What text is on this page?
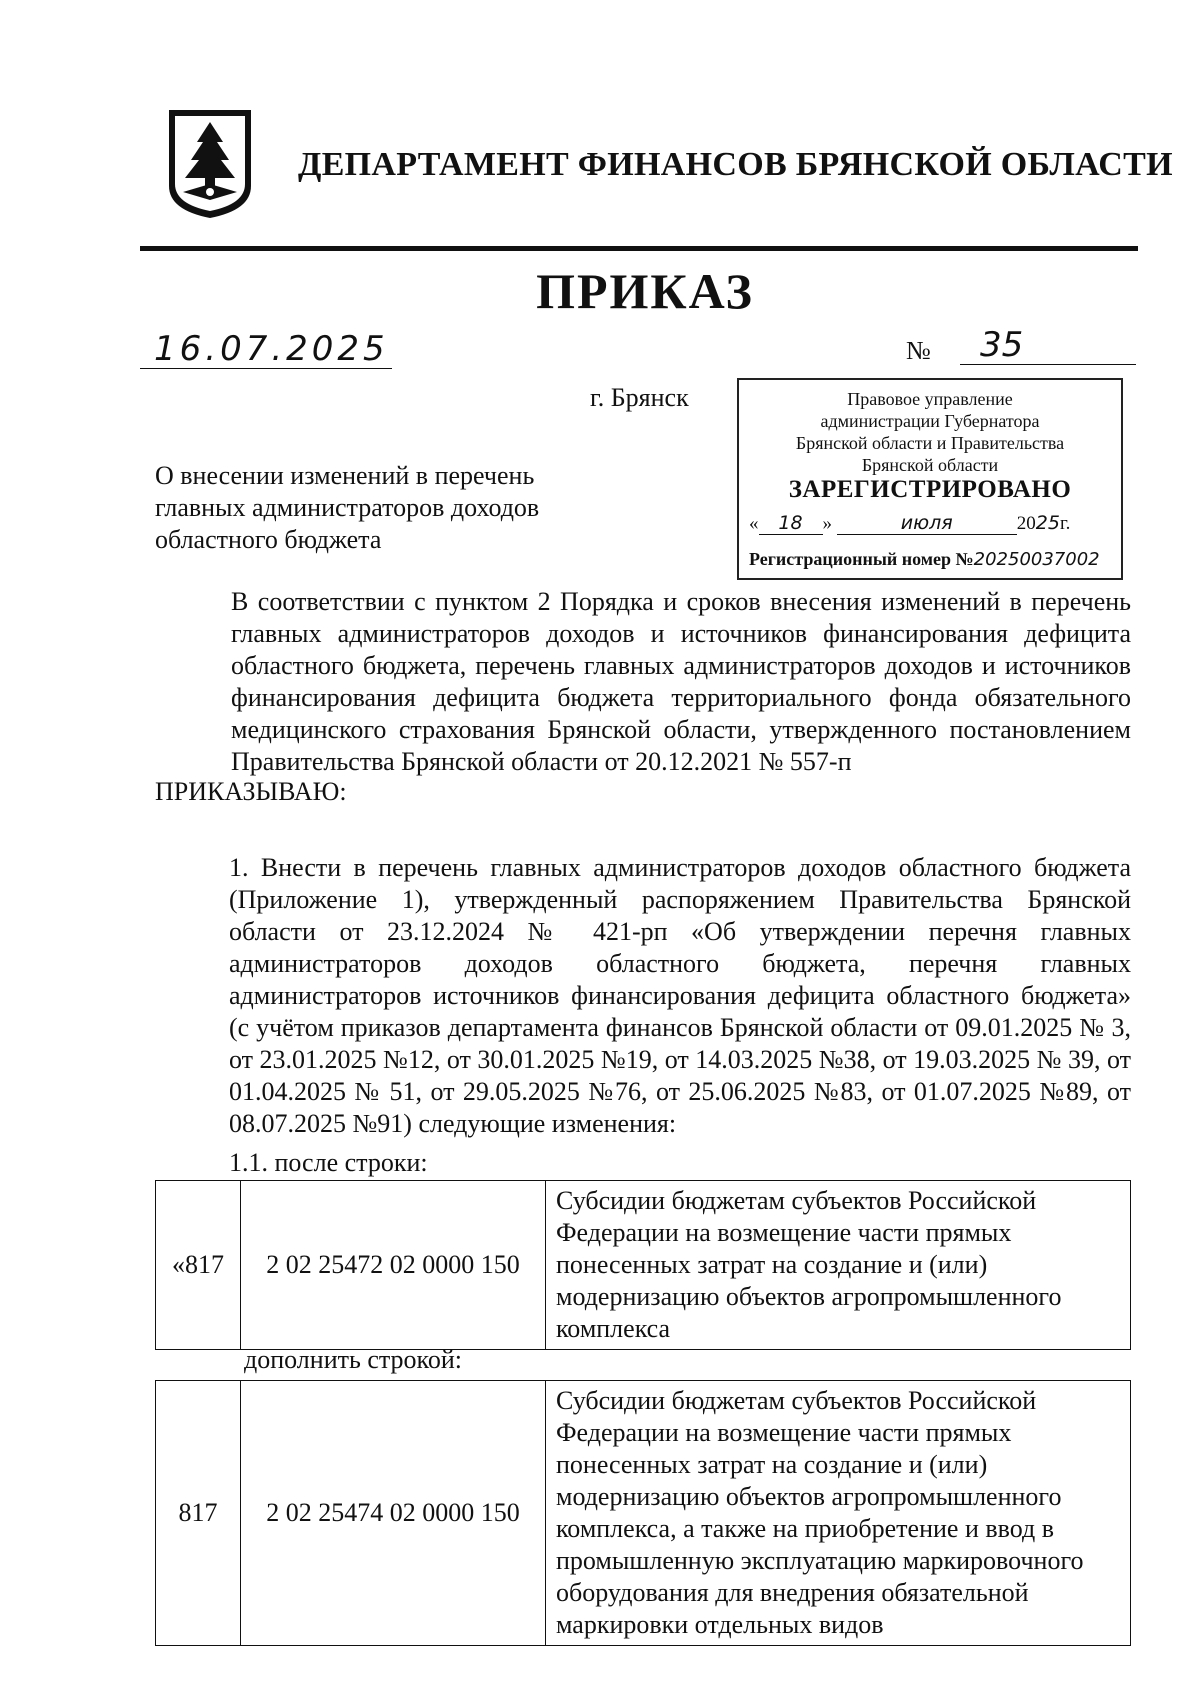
ДЕПАРТАМЕНТ ФИНАНСОВ БРЯНСКОЙ ОБЛАСТИ
ПРИКАЗ
16.07.2025	№	35
г. Брянск	Правовое управление
администрации Губернатора
Брянской области и Правительства
Брянской области
ЗАРЕГИСТРИРОВАНО
« 18 »	июля	2025г.
Регистрационный номер №20250037002
О внесении изменений в перечень
главных администраторов доходов
областного бюджета
В соответствии с пунктом 2 Порядка и сроков внесения изменений в перечень главных администраторов доходов и источников финансирования дефицита областного бюджета, перечень главных администраторов доходов и источников финансирования дефицита бюджета территориального фонда обязательного медицинского страхования Брянской области, утвержденного постановлением Правительства Брянской области от 20.12.2021 № 557-п
ПРИКАЗЫВАЮ:
1. Внести в перечень главных администраторов доходов областного бюджета (Приложение 1), утвержденный распоряжением Правительства Брянской области от 23.12.2024 № 421-рп «Об утверждении перечня главных администраторов доходов областного бюджета, перечня главных администраторов источников финансирования дефицита областного бюджета» (с учётом приказов департамента финансов Брянской области от 09.01.2025 № 3, от 23.01.2025 №12, от 30.01.2025 №19, от 14.03.2025 №38, от 19.03.2025 № 39, от 01.04.2025 № 51, от 29.05.2025 №76, от 25.06.2025 №83, от 01.07.2025 №89, от 08.07.2025 №91) следующие изменения:
1.1. после строки:
«817	2 02 25472 02 0000 150	Субсидии бюджетам субъектов Российской Федерации на возмещение части прямых понесенных затрат на создание и (или) модернизацию объектов агропромышленного комплекса
дополнить строкой:
817	2 02 25474 02 0000 150	Субсидии бюджетам субъектов Российской Федерации на возмещение части прямых понесенных затрат на создание и (или) модернизацию объектов агропромышленного комплекса, а также на приобретение и ввод в промышленную эксплуатацию маркировочного оборудования для внедрения обязательной маркировки отдельных видов
